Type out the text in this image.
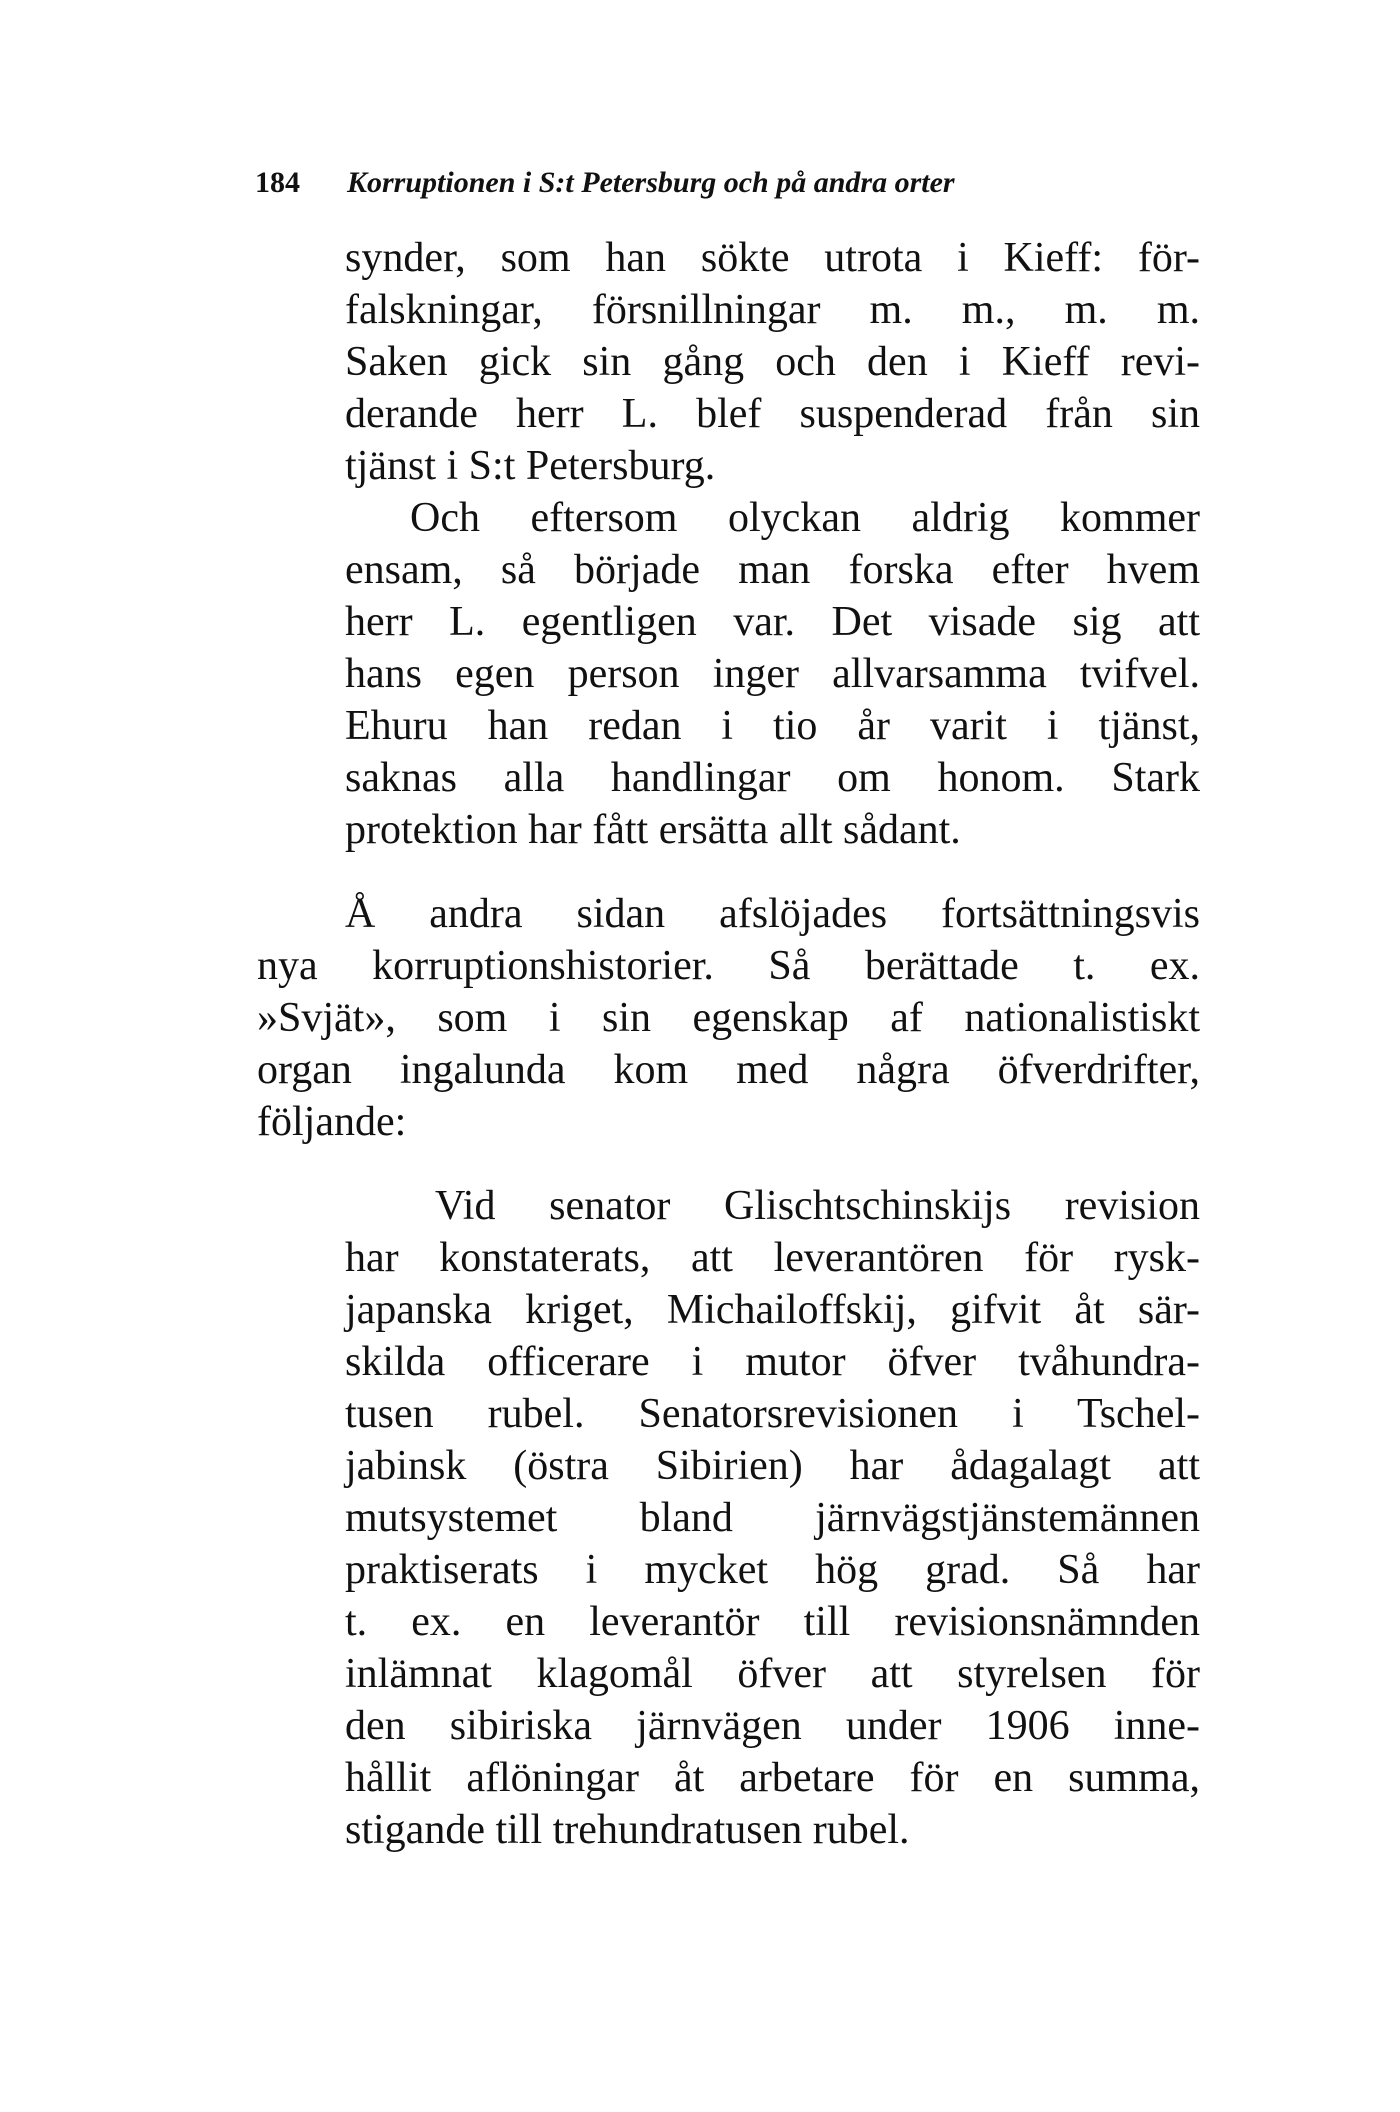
184 Korruptionen i S:t Petersburg och på andra orter
synder, som han sökte utrota i Kieff: för-
falskningar, försnillningar m. m., m. m.
Saken gick sin gång och den i Kieff revi-
derande herr L. blef suspenderad från sin
tjänst i S:t Petersburg.
Och eftersom olyckan aldrig kommer
ensam, så började man forska efter hvem
herr L. egentligen var. Det visade sig att
hans egen person inger allvarsamma tvifvel.
Ehuru han redan i tio år varit i tjänst,
saknas alla handlingar om honom. Stark
protektion har fått ersätta allt sådant.
Å andra sidan afslöjades fortsättningsvis
nya korruptionshistorier. Så berättade t. ex.
»Svjät», som i sin egenskap af nationalistiskt
organ ingalunda kom med några öfverdrifter,
följande:
Vid senator Glischtschinskijs revision
har konstaterats, att leverantören för rysk-
japanska kriget, Michailoffskij, gifvit åt sär-
skilda officerare i mutor öfver tvåhundra-
tusen rubel. Senatorsrevisionen i Tschel-
jabinsk (östra Sibirien) har ådagalagt att
mutsystemet bland järnvägstjänstemännen
praktiserats i mycket hög grad. Så har
t. ex. en leverantör till revisionsnämnden
inlämnat klagomål öfver att styrelsen för
den sibiriska järnvägen under 1906 inne-
hållit aflöningar åt arbetare för en summa,
stigande till trehundratusen rubel.
